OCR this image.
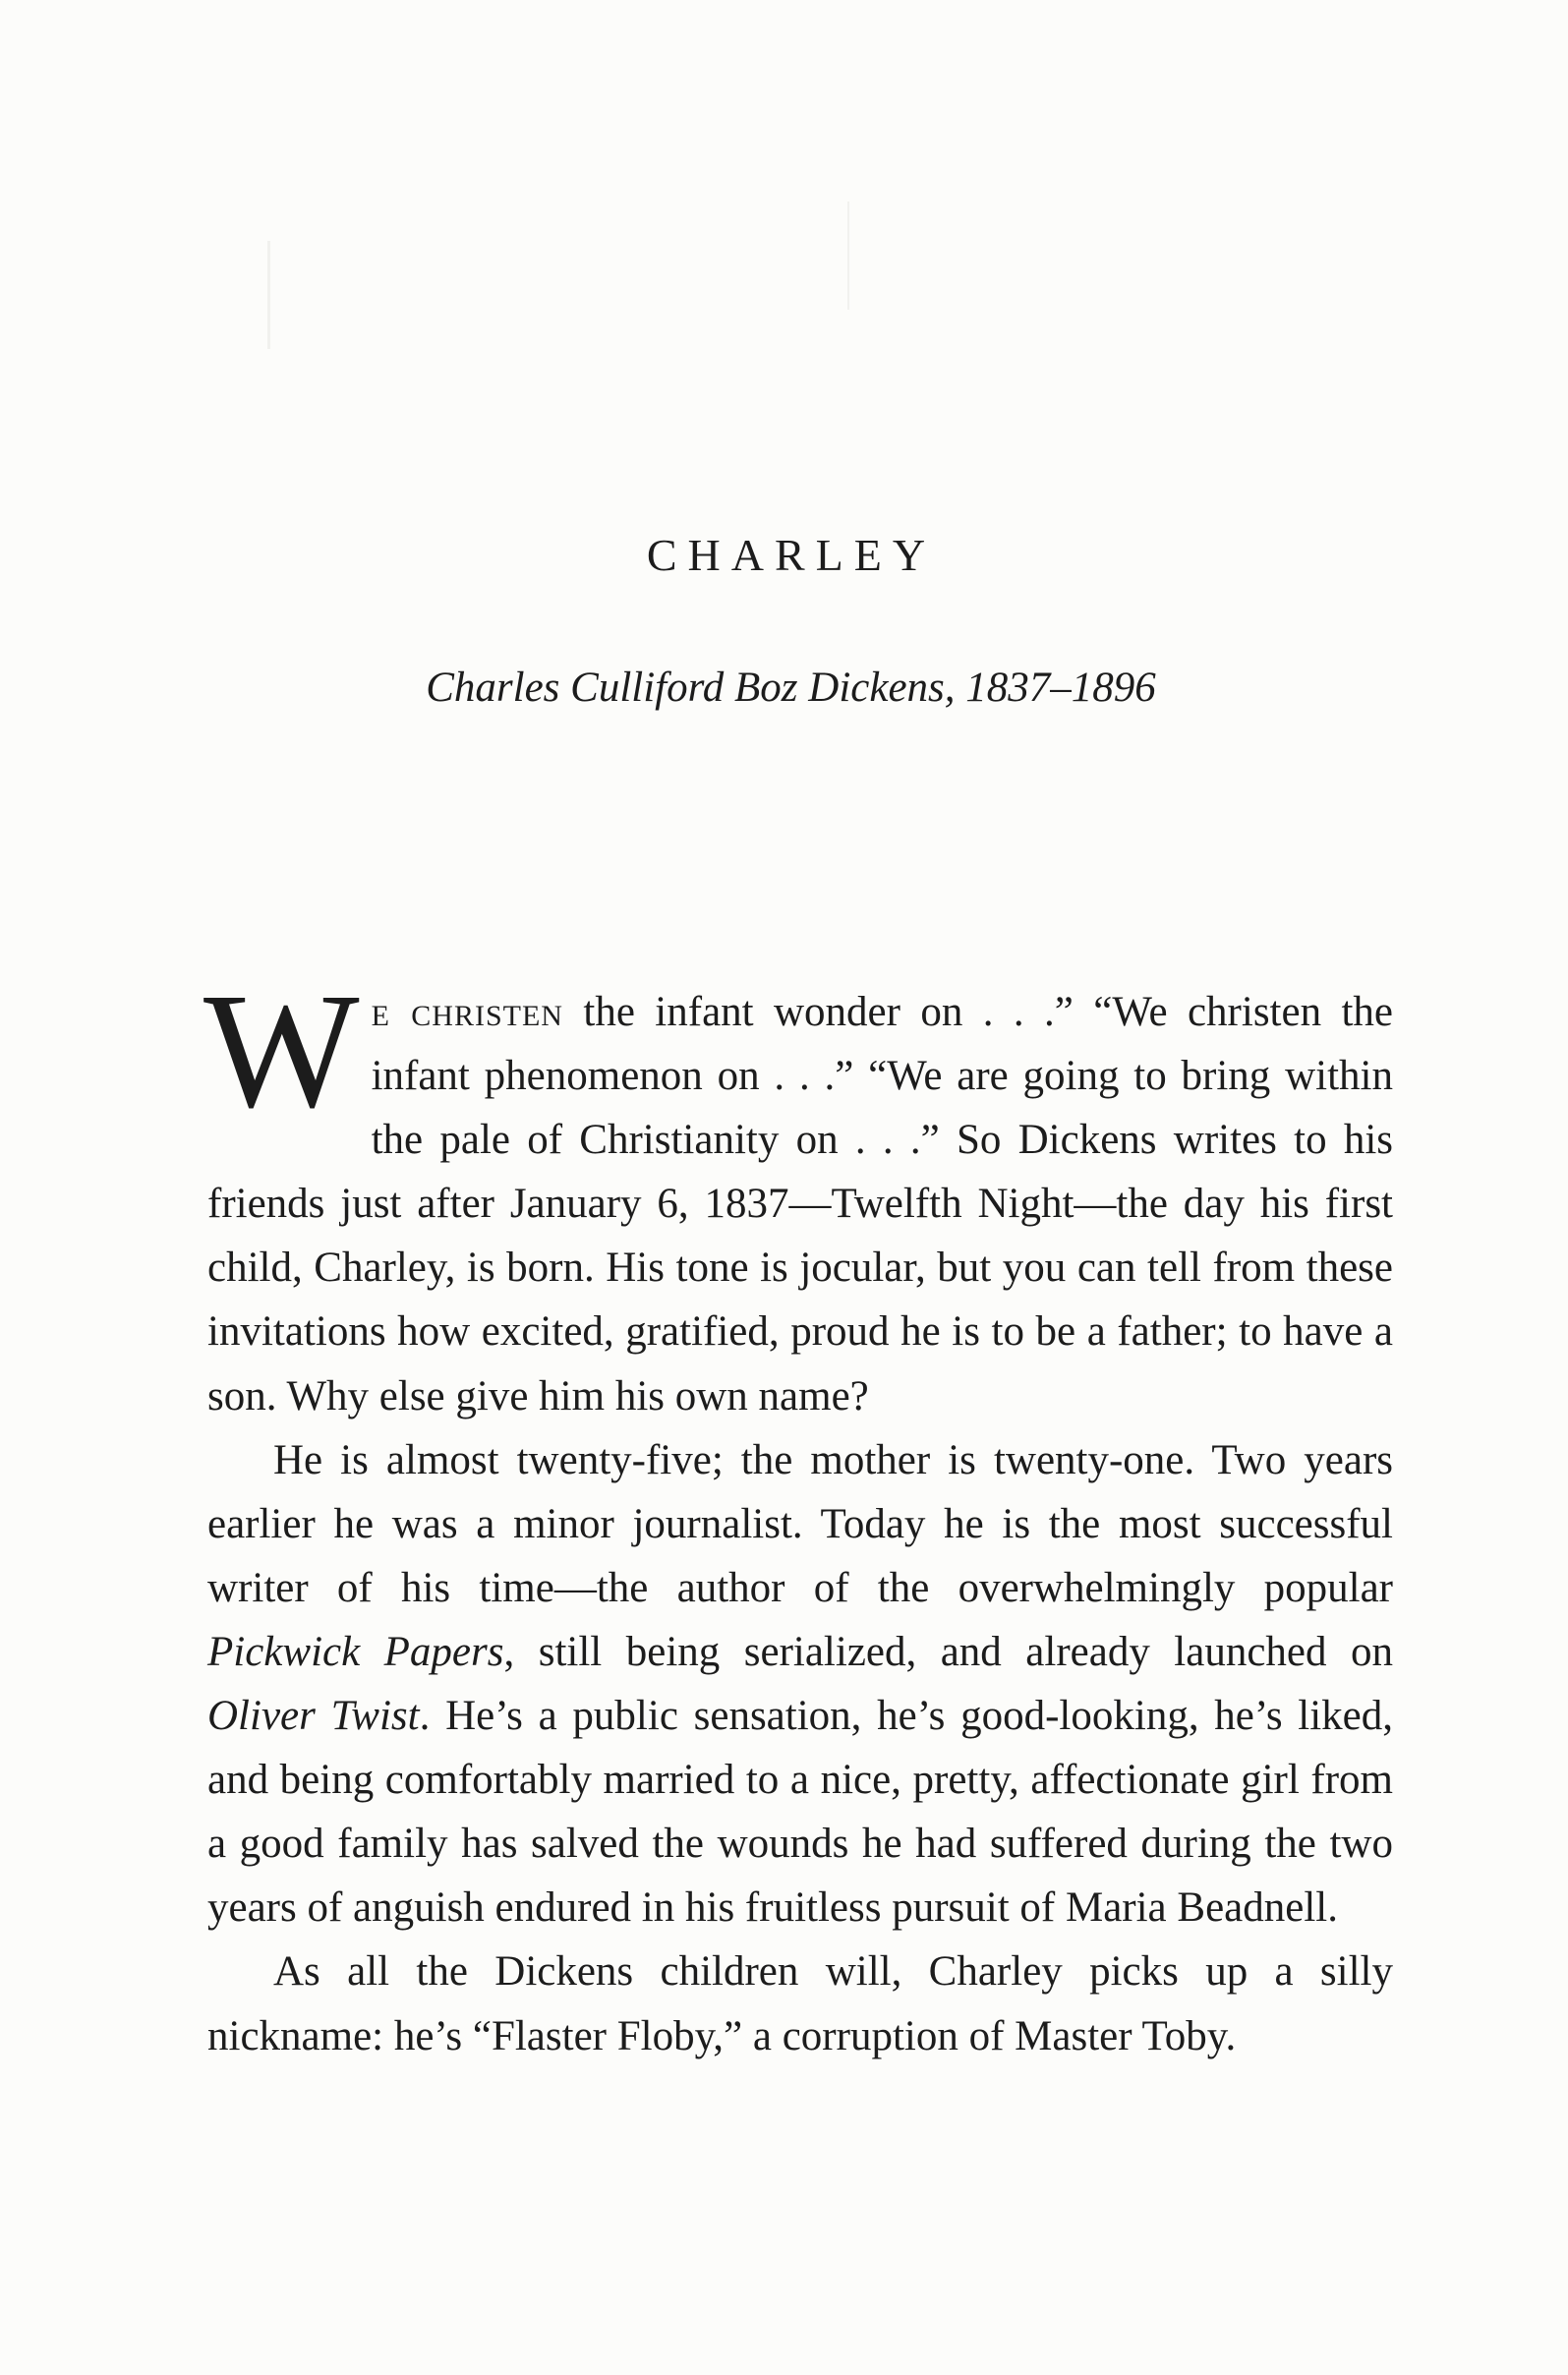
CHARLEY
Charles Culliford Boz Dickens, 1837–1896

We christen the infant wonder on . . .” “We christen the infant phenomenon on . . .” “We are going to bring within the pale of Christianity on . . .” So Dickens writes to his friends just after January 6, 1837—Twelfth Night—the day his first child, Charley, is born. His tone is jocular, but you can tell from these invitations how excited, gratified, proud he is to be a father; to have a son. Why else give him his own name?

He is almost twenty-five; the mother is twenty-one. Two years earlier he was a minor journalist. Today he is the most successful writer of his time—the author of the overwhelmingly popular Pickwick Papers, still being serialized, and already launched on Oliver Twist. He’s a public sensation, he’s good-looking, he’s liked, and being comfortably married to a nice, pretty, affectionate girl from a good family has salved the wounds he had suffered during the two years of anguish endured in his fruitless pursuit of Maria Beadnell.

As all the Dickens children will, Charley picks up a silly nickname: he’s “Flaster Floby,” a corruption of Master Toby.
